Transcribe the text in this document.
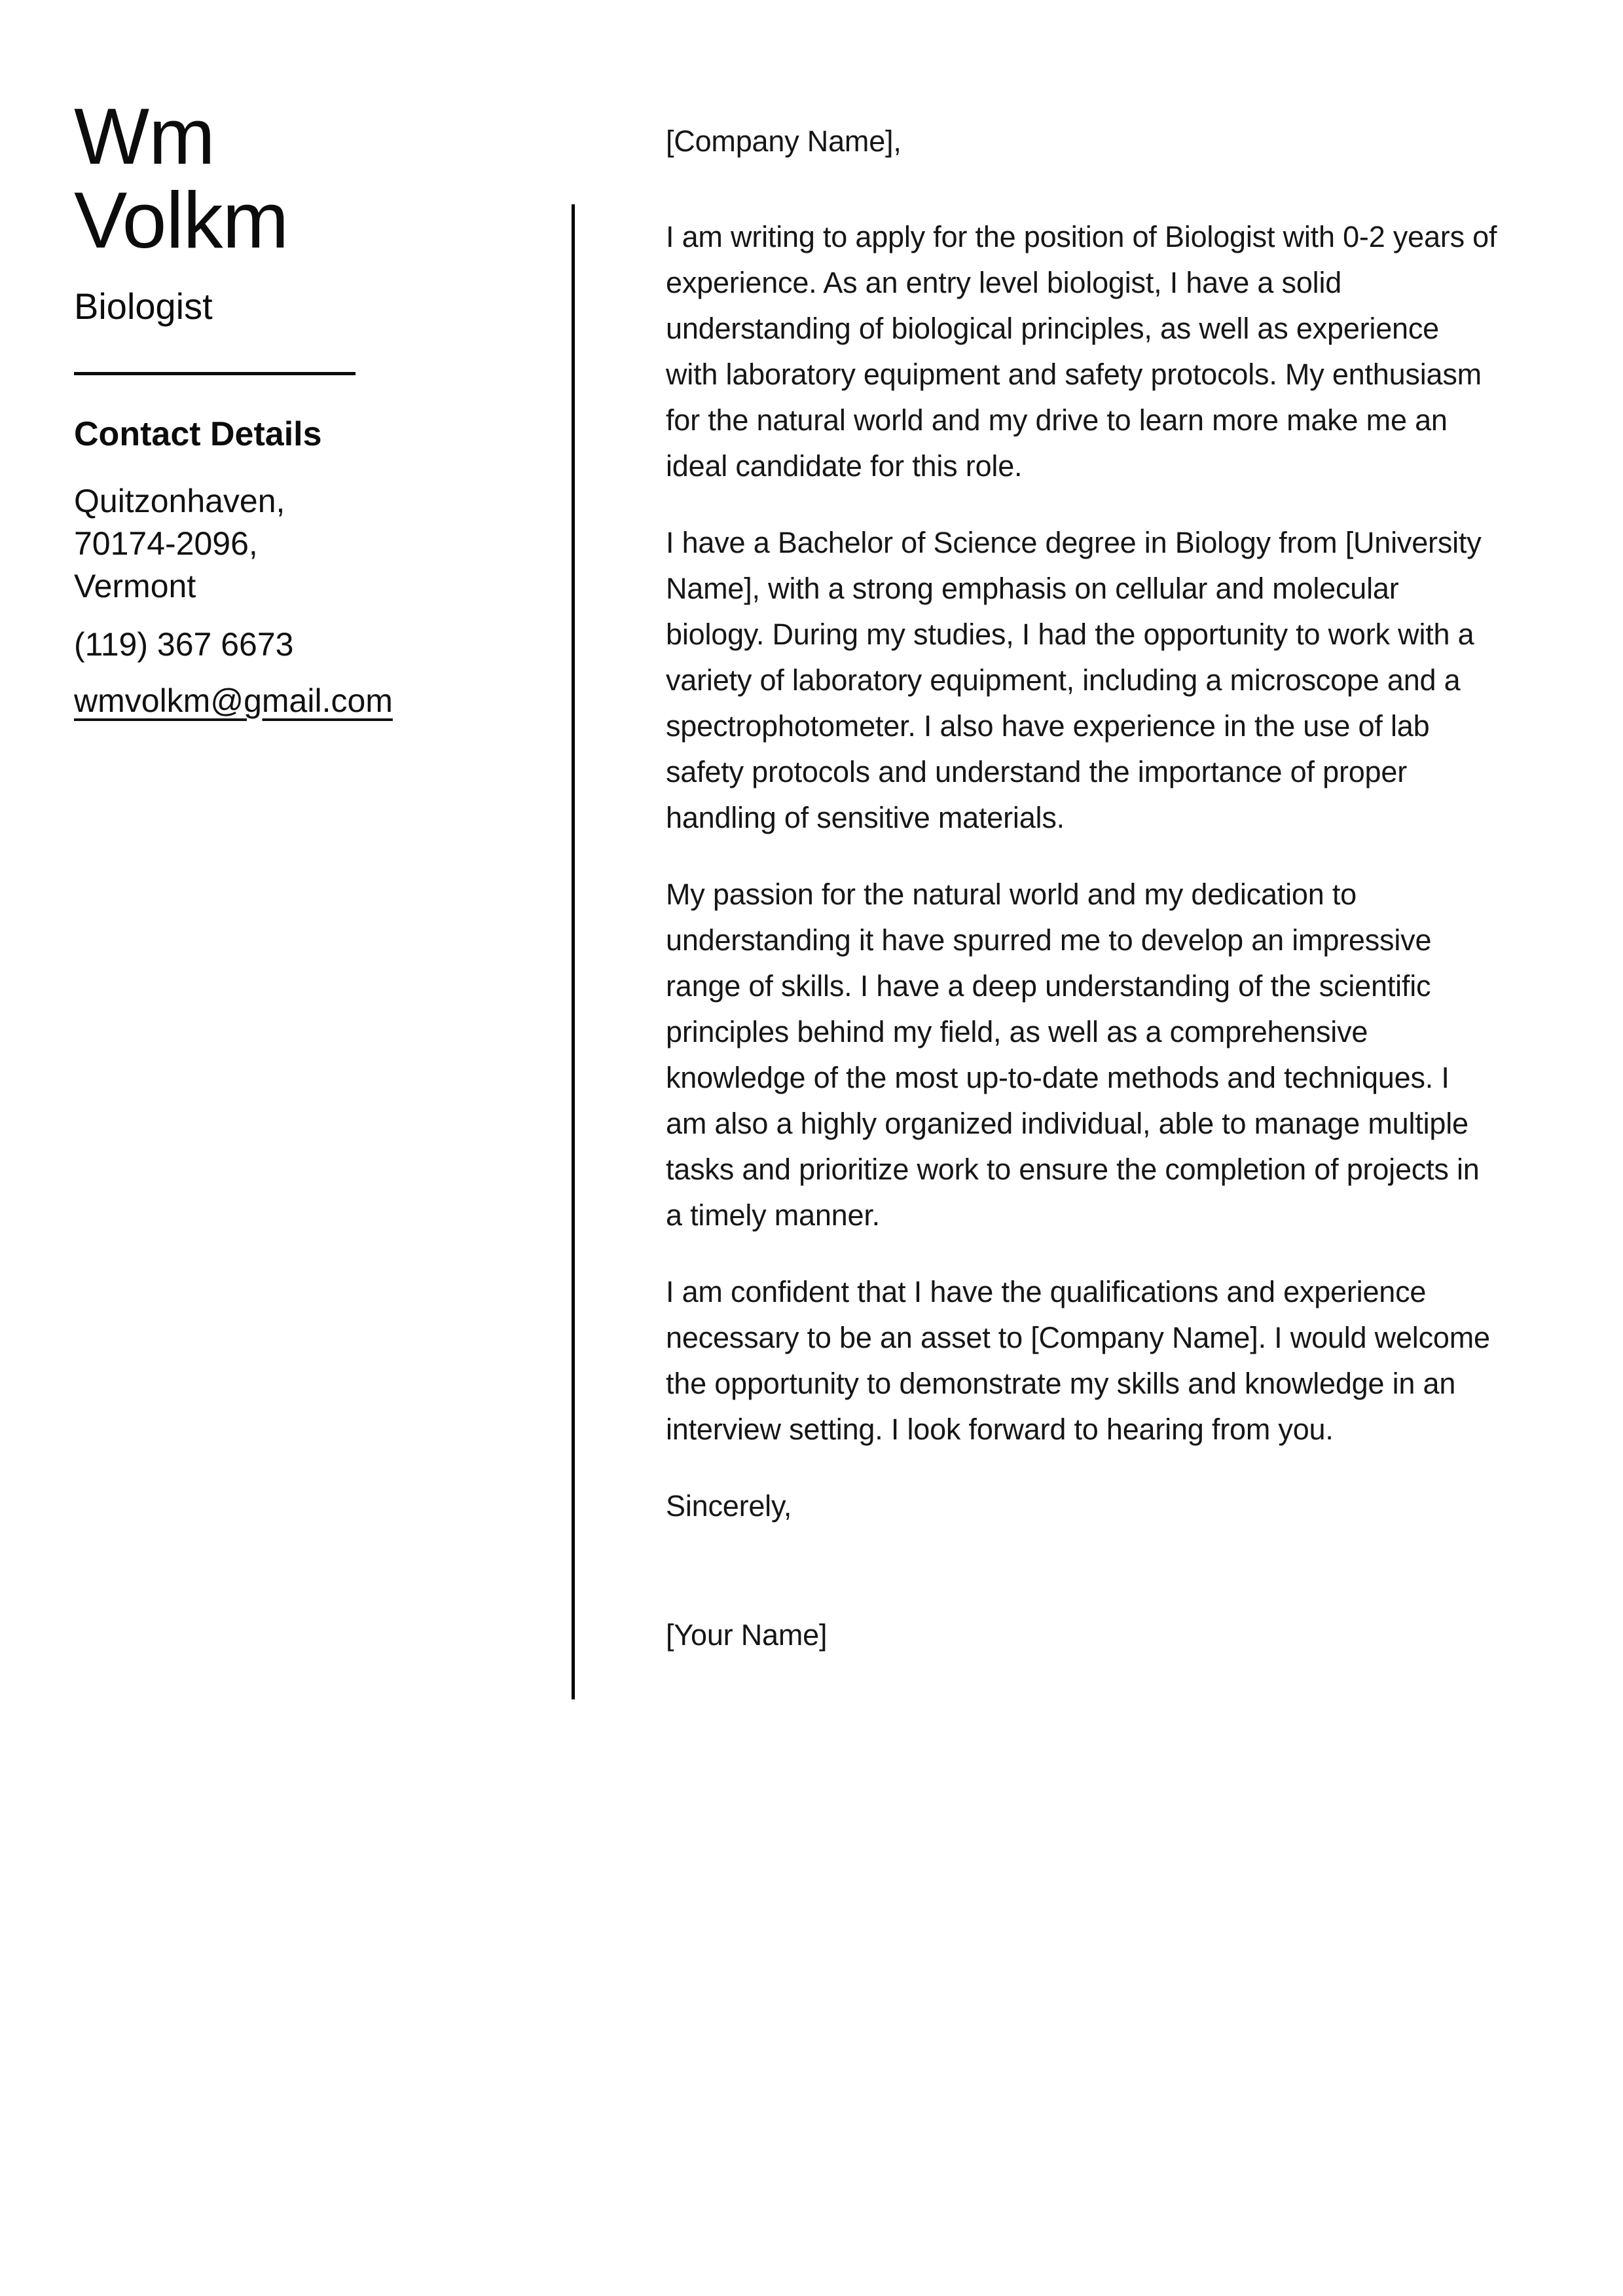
Wm
Volkm
Biologist
Contact Details
Quitzonhaven, 70174-2096,
Vermont
(119) 367 6673
wmvolkm@gmail.com
[Company Name],

I am writing to apply for the position of Biologist with 0-2 years of experience. As an entry level biologist, I have a solid understanding of biological principles, as well as experience with laboratory equipment and safety protocols. My enthusiasm for the natural world and my drive to learn more make me an ideal candidate for this role.

I have a Bachelor of Science degree in Biology from [University Name], with a strong emphasis on cellular and molecular biology. During my studies, I had the opportunity to work with a variety of laboratory equipment, including a microscope and a spectrophotometer. I also have experience in the use of lab safety protocols and understand the importance of proper handling of sensitive materials.

My passion for the natural world and my dedication to understanding it have spurred me to develop an impressive range of skills. I have a deep understanding of the scientific principles behind my field, as well as a comprehensive knowledge of the most up-to-date methods and techniques. I am also a highly organized individual, able to manage multiple tasks and prioritize work to ensure the completion of projects in a timely manner.

I am confident that I have the qualifications and experience necessary to be an asset to [Company Name]. I would welcome the opportunity to demonstrate my skills and knowledge in an interview setting. I look forward to hearing from you.

Sincerely,
[Your Name]
